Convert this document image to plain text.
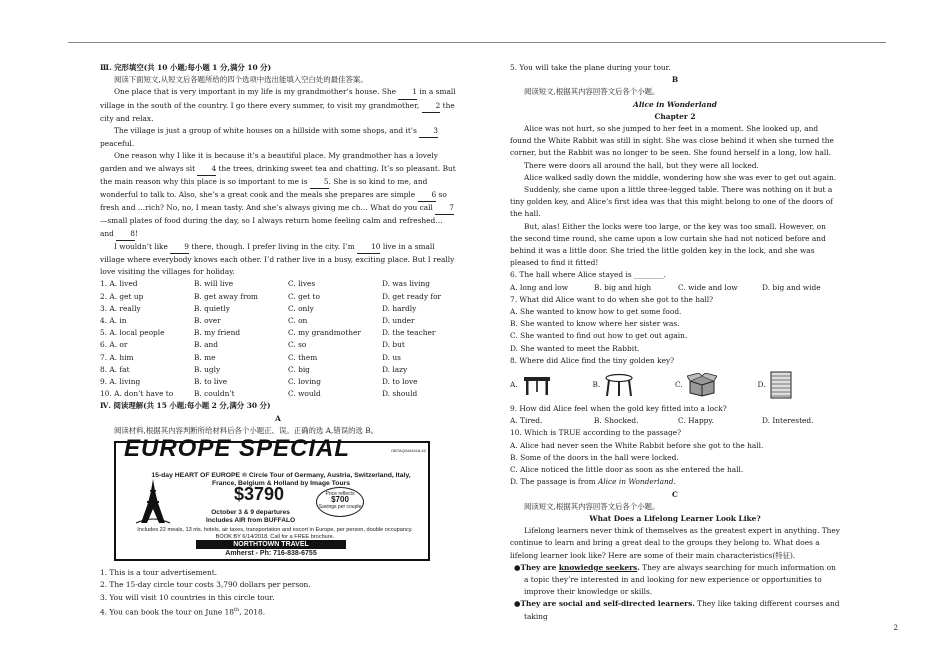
Ⅲ. 完形填空(共 10 小题;每小题 1 分,满分 10 分)

阅读下面短文,从短文后各题所给的四个选项中选出能填入空白处的最佳答案。

One place that is very important in my life is my grandmother’s house. She 1 in a small village in the south of the country. I go there every summer, to visit my grandmother, 2 the city and relax.

The village is just a group of white houses on a hillside with some shops, and it’s 3 peaceful.

One reason why I like it is because it’s a beautiful place. My grandmother has a lovely garden and we always sit 4 the trees, drinking sweet tea and chatting. It’s so pleasant. But the main reason why this place is so important to me is 5. She is so kind to me, and wonderful to talk to. Also, she’s a great cook and the meals she prepares are simple 6 so fresh and …rich? No, no, I mean tasty. And she’s always giving me ch… What do you call 7 —small plates of food during the day, so I always return home feeling calm and refreshed…and 8!

I wouldn’t like 9 there, though. I prefer living in the city. I’m 10 live in a small village where everybody knows each other. I’d rather live in a busy, exciting place. But I really love visiting the villages for holiday.

1. A. lived	B. will live	C. lives	D. was living
2. A. get up	B. get away from	C. get to	D. get ready for
3. A. really	B. quietly	C. only	D. hardly
4. A. in	B. over	C. on	D. under
5. A. local people	B. my friend	C. my grandmother	D. the teacher
6. A. or	B. and	C. so	D. but
7. A. him	B. me	C. them	D. us
8. A. fat	B. ugly	C. big	D. lazy
9. A. living	B. to live	C. loving	D. to love
10. A. don’t have to	B. couldn’t	C. would	D. should

Ⅳ. 阅读理解(共 15 小题;每小题 2 分,满分 30 分)

A

阅读材料,根据其内容判断所给材料后各个小题正、误。正确的选 A,错误的选 B。

EUROPE SPECIAL	OBTAQ0444418-42
15-day HEART OF EUROPE ® Circle Tour of Germany, Austria, Switzerland, Italy, France, Belgium & Holland by Image Tours
$3790	Price reflects
$700
Savings per couple
October 3 & 9 departures
Includes AIR from BUFFALO
Includes 22 meals, 13 nts. hotels, air taxes, transportation and escort in Europe, per person, double occupancy. BOOK BY 6/14/2018. Call for a FREE brochure.
NORTHTOWN TRAVEL
Amherst - Ph: 716-838-6755

1. This is a tour advertisement.

2. The 15-day circle tour costs 3,790 dollars per person.

3. You will visit 10 countries in this circle tour.

4. You can book the tour on June 18th, 2018.

5. You will take the plane during your tour.

B

阅读短文,根据其内容回答文后各个小题。

Alice in Wonderland

Chapter 2

Alice was not hurt, so she jumped to her feet in a moment. She looked up, and found the White Rabbit was still in sight. She was close behind it when she turned the corner, but the Rabbit was no longer to be seen. She found herself in a long, low hall.

There were doors all around the hall, but they were all locked.

Alice walked sadly down the middle, wondering how she was ever to get out again.

Suddenly, she came upon a little three-legged table. There was nothing on it but a tiny golden key, and Alice’s first idea was that this might belong to one of the doors of the hall.

But, alas! Either the locks were too large, or the key was too small. However, on the second time round, she came upon a low curtain she had not noticed before and behind it was a little door. She tried the little golden key in the lock, and she was pleased to find it fitted!

6. The hall where Alice stayed is ________.

A. long and low	B. big and high	C. wide and low	D. big and wide

7. What did Alice want to do when she got to the hall?

A. She wanted to know how to get some food.

B. She wanted to know where her sister was.

C. She wanted to find out how to get out again.

D. She wanted to meet the Rabbit.

8. Where did Alice find the tiny golden key?

A.	B.	C.	D.

9. How did Alice feel when the gold key fitted into a lock?

A. Tired.	B. Shocked.	C. Happy.	D. Interested.

10. Which is TRUE according to the passage?

A. Alice had never seen the White Rabbit before she got to the hall.

B. Some of the doors in the hall were locked.

C. Alice noticed the little door as soon as she entered the hall.

D. The passage is from Alice in Wonderland.

C

阅读短文,根据其内容回答文后各个小题。

What Does a Lifelong Learner Look Like?

Lifelong learners never think of themselves as the greatest expert in anything. They continue to learn and bring a great deal to the groups they belong to. What does a lifelong learner look like? Here are some of their main characteristics(特征).

●They are knowledge seekers. They are always searching for much information on a topic they’re interested in and looking for new experience or opportunities to improve their knowledge or skills.

●They are social and self-directed learners. They like taking different courses and taking

2
